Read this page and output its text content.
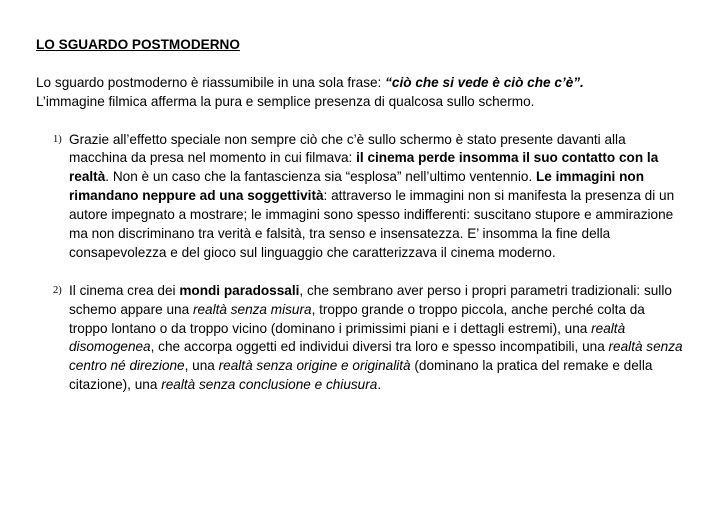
LO SGUARDO POSTMODERNO

Lo sguardo postmoderno è riassumibile in una sola frase: “ciò che si vede è ciò che c’è”.
L’immagine filmica afferma la pura e semplice presenza di qualcosa sullo schermo.

1) Grazie all’effetto speciale non sempre ciò che c’è sullo schermo è stato presente davanti alla macchina da presa nel momento in cui filmava: il cinema perde insomma il suo contatto con la realtà. Non è un caso che la fantascienza sia “esplosa” nell’ultimo ventennio. Le immagini non rimandano neppure ad una soggettività: attraverso le immagini non si manifesta la presenza di un autore impegnato a mostrare; le immagini sono spesso indifferenti: suscitano stupore e ammirazione ma non discriminano tra verità e falsità, tra senso e insensatezza. E’ insomma la fine della consapevolezza e del gioco sul linguaggio che caratterizzava il cinema moderno.
2) Il cinema crea dei mondi paradossali, che sembrano aver perso i propri parametri tradizionali: sullo schemo appare una realtà senza misura, troppo grande o troppo piccola, anche perché colta da troppo lontano o da troppo vicino (dominano i primissimi piani e i dettagli estremi), una realtà disomogenea, che accorpa oggetti ed individui diversi tra loro e spesso incompatibili, una realtà senza centro né direzione, una realtà senza origine e originalità (dominano la pratica del remake e della citazione), una realtà senza conclusione e chiusura.
